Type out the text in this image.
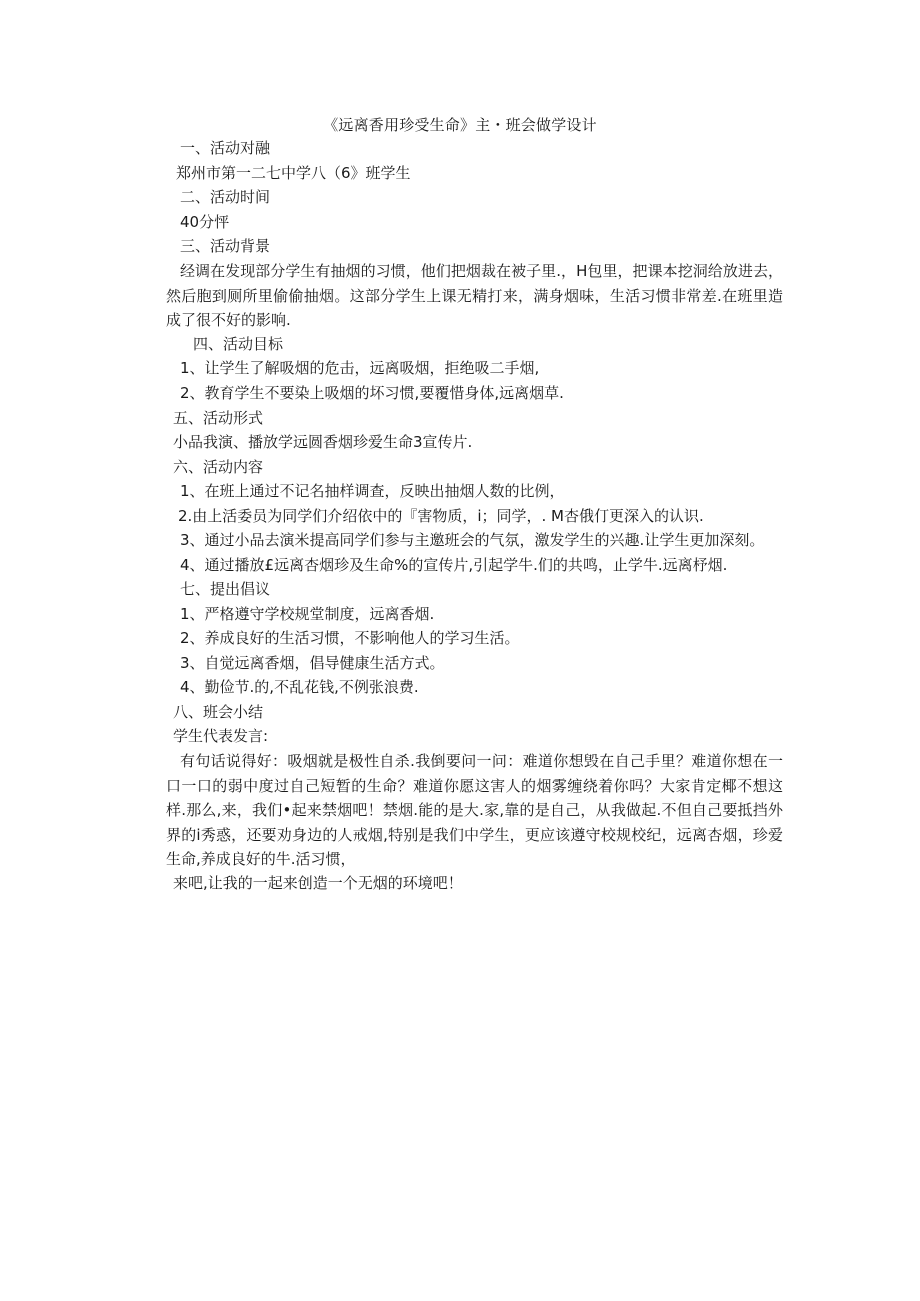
《远离香用珍受生命》主・班会做学设计
一、活动对融
郑州市第一二七中学八（6》班学生
二、活动时间
40分怦
三、活动背景
经调在发现部分学生有抽烟的习惯，他们把烟裁在被子里.，H包里，把课本挖洞给放进去，然后胞到厕所里偷偷抽烟。这部分学生上课无精打来，满身烟味，生活习惯非常差.在班里造成了很不好的影响.
四、活动目标
1、让学生了解吸烟的危击，远离吸烟，拒绝吸二手烟,
2、教育学生不要染上吸烟的坏习惯,要覆惜身体,远离烟草.
五、活动形式
小品我演、播放学远圆香烟珍爱生命3宣传片.
六、活动内容
1、在班上通过不记名抽样调查，反映出抽烟人数的比例，
2.由上活委员为同学们介绍依中的『害物质，i；同学，. M杏俄仃更深入的认识.
3、通过小品去演米提高同学们参与主邀班会的气氛，激发学生的兴趣.让学生更加深刻。
4、通过播放£远离杏烟珍及生命%的宣传片,引起学牛.们的共鸣，止学牛.远离杼烟.
七、提出倡议
1、严格遵守学校规堂制度，远离香烟.
2、养成良好的生活习惯，不影响他人的学习生活。
3、自觉远离香烟，倡导健康生活方式。
4、勤俭节.的,不乱花钱,不例张浪费.
八、班会小结
学生代表发言:
有句话说得好：吸烟就是极性自杀.我倒要问一问：难道你想毁在自己手里？难道你想在一口一口的弱中度过自己短暂的生命？难道你愿这害人的烟雾缠绕着你吗？大家肯定椰不想这样.那么,来，我们•起来禁烟吧！禁烟.能的是大.家,靠的是自己，从我做起.不但自己要抵挡外界的i秀惑，还要劝身边的人戒烟,特别是我们中学生，更应该遵守校规校纪，远离杏烟，珍爱生命,养成良好的牛.活习惯，
来吧,让我的一起来创造一个无烟的环境吧！
